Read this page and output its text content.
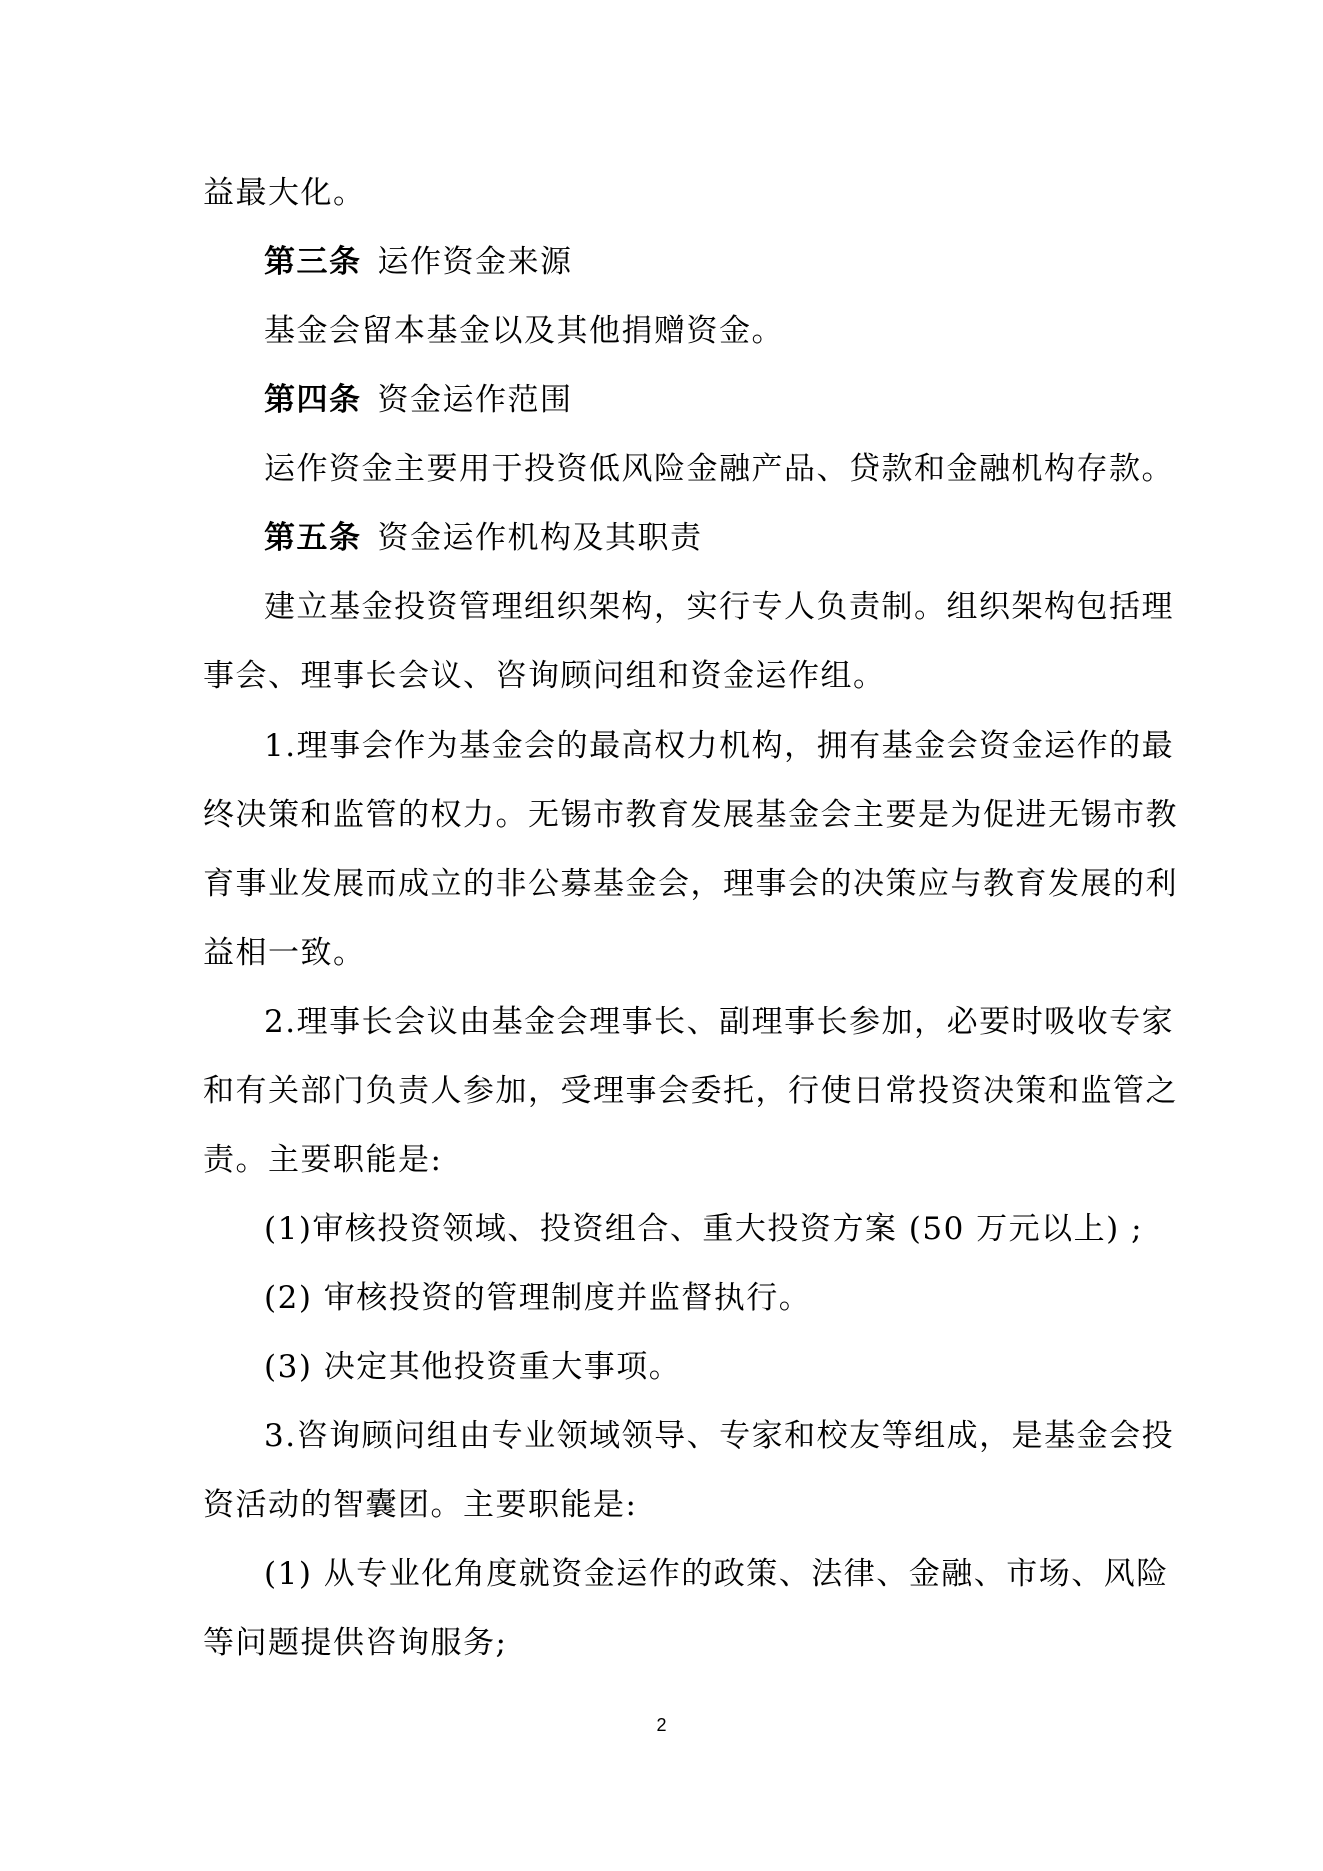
益最大化。
第三条 运作资金来源
基金会留本基金以及其他捐赠资金。
第四条 资金运作范围
运作资金主要用于投资低风险金融产品、贷款和金融机构存款。
第五条 资金运作机构及其职责
建立基金投资管理组织架构，实行专人负责制。组织架构包括理
事会、理事长会议、咨询顾问组和资金运作组。
1.理事会作为基金会的最高权力机构，拥有基金会资金运作的最
终决策和监管的权力。无锡市教育发展基金会主要是为促进无锡市教
育事业发展而成立的非公募基金会，理事会的决策应与教育发展的利
益相一致。
2.理事长会议由基金会理事长、副理事长参加，必要时吸收专家
和有关部门负责人参加，受理事会委托，行使日常投资决策和监管之
责。主要职能是:
(1)审核投资领域、投资组合、重大投资方案 (50 万元以上) ;
(2) 审核投资的管理制度并监督执行。
(3) 决定其他投资重大事项。
3.咨询顾问组由专业领域领导、专家和校友等组成，是基金会投
资活动的智囊团。主要职能是:
(1) 从专业化角度就资金运作的政策、法律、金融、市场、风险
等问题提供咨询服务;
2
